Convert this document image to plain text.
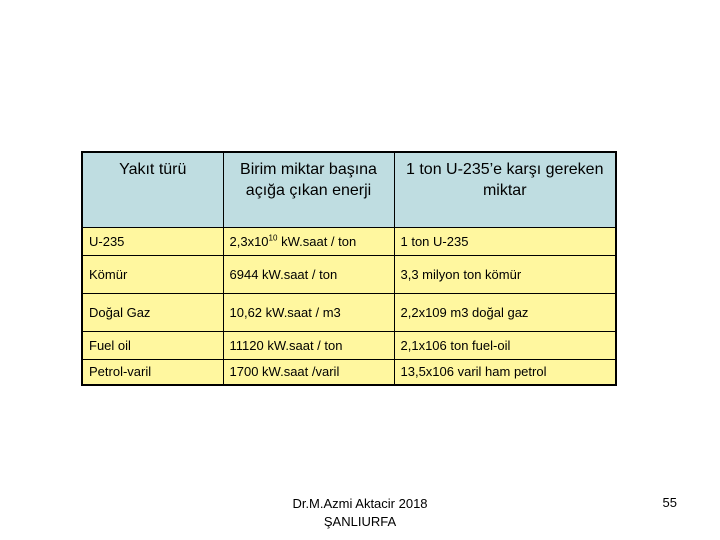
Yakıt türü	Birim miktar başına açığa çıkan enerji	1 ton U-235’e karşı gereken miktar
U-235	$2,3x10^{10}$ kW.saat / ton	1 ton U-235
Kömür	6944 kW.saat / ton	3,3 milyon ton kömür
Doğal Gaz	10,62 kW.saat / m3	2,2x109 m3 doğal gaz
Fuel oil	11120 kW.saat / ton	2,1x106 ton fuel-oil
Petrol-varil	1700 kW.saat /varil	13,5x106 varil ham petrol
Dr.M.Azmi Aktacir 2018
ŞANLIURFA
55
